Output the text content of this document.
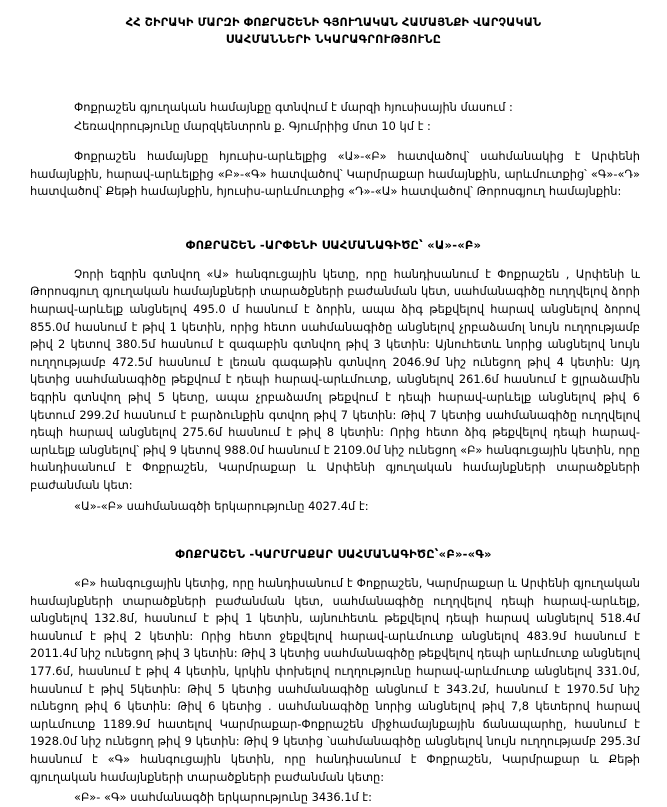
ՀՀ ՇԻՐԱԿԻ ՄԱՐԶԻ ՓՈՔՐԱՇԵՆԻ ԳՅՈՒՂԱԿԱՆ ՀԱՄԱՅՆՔԻ ՎԱՐՉԱԿԱՆ
ՍԱՀՄԱՆՆԵՐԻ ՆԿԱՐԱԳՐՈՒԹՅՈՒՆԸ

Փոքրաշեն գյուղական համայնքը գտնվում է մարզի հյուսիսային մասում :

Հեռավորությունը մարզկենտրոն ք. Գյումրիից մոտ 10 կմ է :

Փոքրաշեն համայնքը հյուսիս-արևելքից «Ա»-«Բ» հատվածով՝ սահմանակից է Արփենի համայնքին, հարավ-արևելքից «Բ»-«Գ» հատվածով՝ Կարմրաքար համայնքին, արևմուտքից՝ «Գ»-«Դ» հատվածով՝ Քեթի համայնքին, հյուսիս-արևմուտքից «Դ»-«Ա» հատվածով՝ Թորոսգյուղ համայնքին:

ՓՈՔՐԱՇԵՆ -ԱՐՓԵՆԻ ՍԱՀՄԱՆԱԳԻԾԸ՝ «Ա»-«Բ»

Չորի եզրին գտնվող «Ա» հանգուցային կետը, որը հանդիսանում է Փոքրաշեն , Արփենի և Թորոսգյուղ գյուղական համայնքների տարածքների բաժանման կետ, սահմանագիծը ուղղվելով ձորի հարավ-արևելք անցնելով 495.0 մ հասնում է ձորին, ապա ձիգ թեքվելով հարավ անցնելով ձորով 855.0մ հասնում է թիվ 1 կետին, որից հետո սահմանագիծը անցնելով չրբաձամոլ նույն ուղղությամբ թիվ 2 կետով 380.5մ հասնում է զագաբին գտնվող թիվ 3 կետին: Այնուհետև նորից անցնելով նույն ուղղությամբ 472.5մ հասնում է լեռան գագաթին գտնվող 2046.9մ նիշ ունեցող թիվ 4 կետին: Այդ կետից սահմանագիծը թեքվում է դեպի հարավ-արևմուտք, անցնելով 261.6մ հասնում է ցլրաձամին եգրին գտնվող թիվ 5 կետը, ապա չրբաձամոլ թեքվում է դեպի հարավ-արևելք անցնելով թիվ 6 կետում 299.2մ հասնում է բարձունքին գտվող թիվ 7 կետին: Թիվ 7 կետից սահմանագիծը ուղղվելով դեպի հարավ անցնելով 275.6մ հասնում է թիվ 8 կետին: Որից հետո ձիգ թեքվելով դեպի հարավ-արևելք անցնելով՝ թիվ 9 կետով 988.0մ հասնում է 2109.0մ նիշ ունեցող «Բ» հանգուցային կետին, որը հանդիսանում է Փոքրաշեն, Կարմրաքար և Արփենի գյուղական համայնքների տարածքների բաժանման կետ:

«Ա»-«Բ» սահմանագծի երկարությունը 4027.4մ է:

ՓՈՔՐԱՇԵՆ -ԿԱՐՄՐԱՔԱՐ ՍԱՀՄԱՆԱԳԻԾԸ՝«Բ»-«Գ»

«Բ» հանգուցային կետից, որը հանդիսանում է Փոքրաշեն, Կարմրաքար և Արփենի գյուղական համայնքների տարածքների բաժանման կետ, սահմանագիծը ուղղվելով դեպի հարավ-արևելք, անցնելով 132.8մ, հասնում է թիվ 1 կետին, այնուհետև թեքվելով դեպի հարավ անցնելով 518.4մ հասնում է թիվ 2 կետին: Որից հետո ջեքվելով հարավ-արևմուտք անցնելով 483.9մ հասնում է 2011.4մ նիշ ունեցող թիվ 3 կետին: Թիվ 3 կետից սահմանագիծը թեքվելով դեպի արևմուտք անցնելով 177.6մ, հասնում է թիվ 4 կետին, կրկին փոխելով ուղղությունը հարավ-արևմուտք անցնելով 331.0մ, հասնում է թիվ 5կետին: Թիվ 5 կետից սահմանագիծը անցնում է 343.2մ, հասնում է 1970.5մ նիշ ունեցող թիվ 6 կետին: Թիվ 6 կետից . սահմանագիծը նորից անցնելով թիվ 7,8 կետերով հարավ արևմուտք 1189.9մ հատելով Կարմրաքար-Փոքրաշեն միջհամայնքային ճանապարհը, հասնում է 1928.0մ նիշ ունեցող թիվ 9 կետին: Թիվ 9 կետից ՝սահմանագիծը անցնելով նույն ուղղությամբ 295.3մ հասնում է «Գ» հանգուցային կետին, որը հանդիսանում է Փոքրաշեն, Կարմրաքար և Քեթի գյուղական համայնքների տարածքների բաժանման կետը:

«Բ»- «Գ» սահմանագծի երկարությունը 3436.1մ է:
